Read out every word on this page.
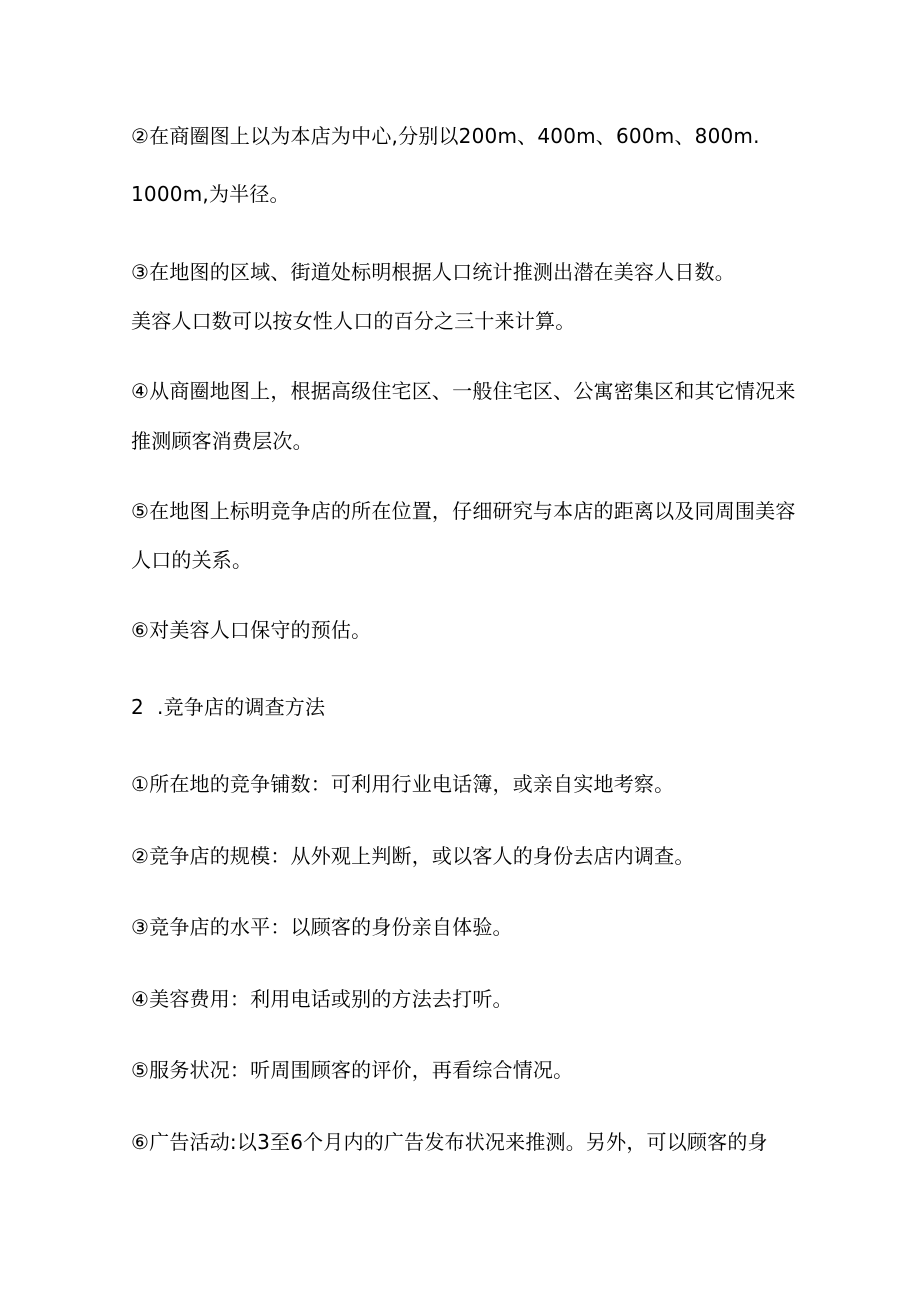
②在商圈图上以为本店为中心,分别以200m、400m、600m、800m.
1000m,为半径。
③在地图的区域、街道处标明根据人口统计推测出潜在美容人日数。
美容人口数可以按女性人口的百分之三十来计算。
④从商圈地图上，根据高级住宅区、一般住宅区、公寓密集区和其它情况来
推测顾客消费层次。
⑤在地图上标明竞争店的所在位置，仔细研究与本店的距离以及同周围美容
人口的关系。
⑥对美容人口保守的预估。
2  .竞争店的调查方法
①所在地的竞争铺数：可利用行业电话簿，或亲自实地考察。
②竞争店的规模：从外观上判断，或以客人的身份去店内调查。
③竞争店的水平：以顾客的身份亲自体验。
④美容费用：利用电话或别的方法去打听。
⑤服务状况：听周围顾客的评价，再看综合情况。
⑥广告活动:以3至6个月内的广告发布状况来推测。另外，可以顾客的身
